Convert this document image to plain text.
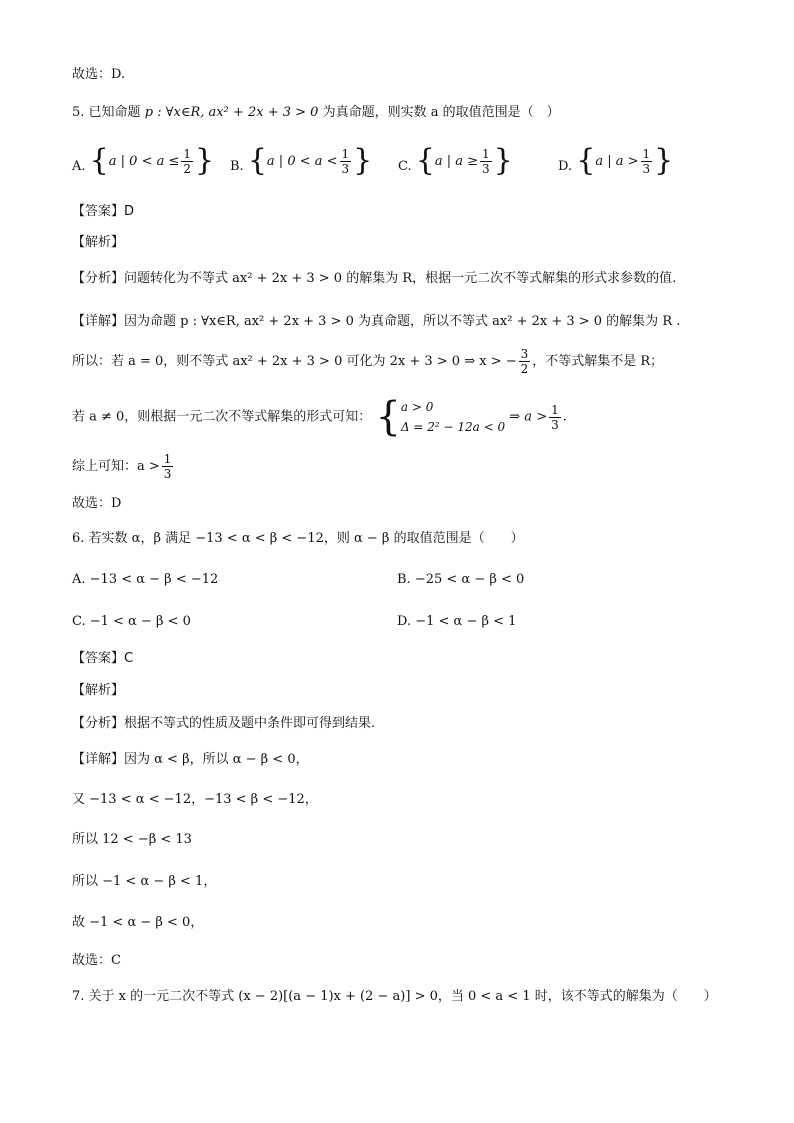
故选：D.
5. 已知命题 p : ∀x∈R, ax² + 2x + 3 > 0 为真命题，则实数 a 的取值范围是（　）
A. { a | $0 < a \le \frac{1}{2}$ } B. { a | $0 < a < \frac{1}{3}$ } C. { a | $a \ge \frac{1}{3}$ }	D. { a | $a > \frac{1}{3}$ }
【答案】D
【解析】
【分析】问题转化为不等式 ax² + 2x + 3 > 0 的解集为 R，根据一元二次不等式解集的形式求参数的值.
【详解】因为命题 p : ∀x∈R, ax² + 2x + 3 > 0 为真命题，所以不等式 ax² + 2x + 3 > 0 的解集为 R .
所以：若 a = 0，则不等式 ax² + 2x + 3 > 0 可化为 2x + 3 > 0 ⇒ x > − $\frac{3}{2}$ ，不等式解集不是 R；
若 a ≠ 0，则根据一元二次不等式解集的形式可知： { a > 0
Δ = 2² − 12a < 0
⇒ $a > \frac{1}{3}$ .
综上可知：$a > \frac{1}{3}$
故选：D
6. 若实数 α，β 满足 −13 < α < β < −12，则 α − β 的取值范围是（　　）
A. −13 < α − β < −12	B. −25 < α − β < 0
C. −1 < α − β < 0	D. −1 < α − β < 1
【答案】C
【解析】
【分析】根据不等式的性质及题中条件即可得到结果.
【详解】因为 α < β，所以 α − β < 0，
又 −13 < α < −12，−13 < β < −12，
所以 12 < −β < 13
所以 −1 < α − β < 1，
故 −1 < α − β < 0，
故选：C
7. 关于 x 的一元二次不等式 (x − 2)[(a − 1)x + (2 − a)] > 0，当 0 < a < 1 时，该不等式的解集为（　　）
